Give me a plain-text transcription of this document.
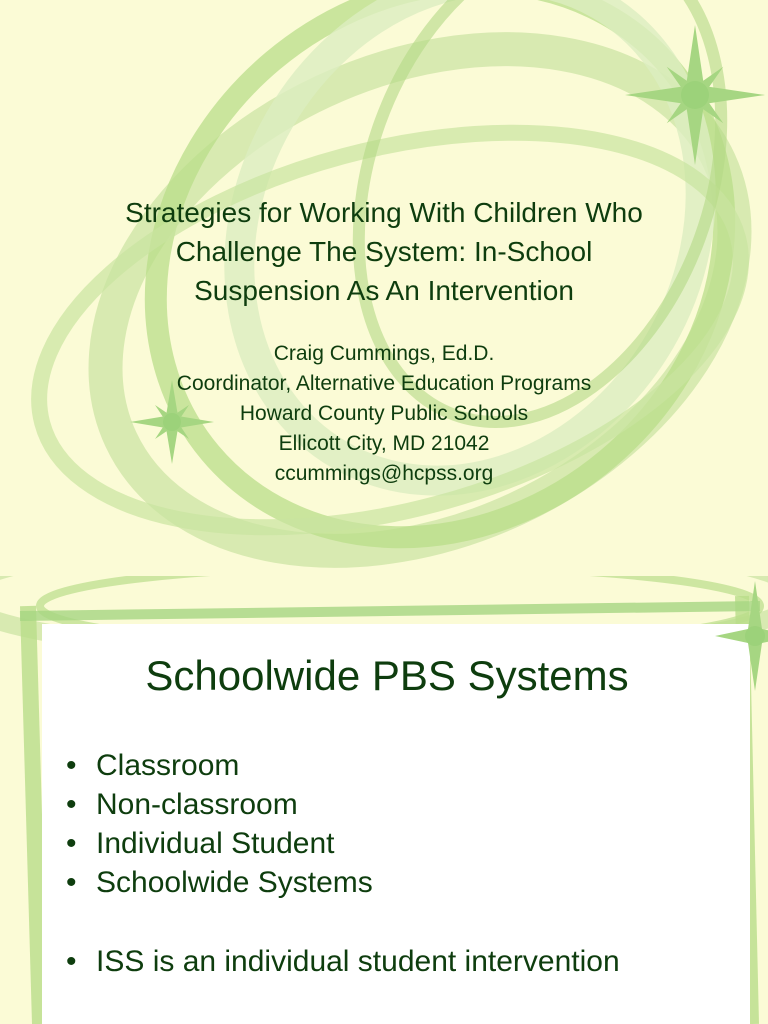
Strategies for Working With Children Who
Challenge The System: In-School
Suspension As An Intervention
Craig Cummings, Ed.D.
Coordinator, Alternative Education Programs
Howard County Public Schools
Ellicott City, MD 21042
ccummings@hcpss.org
Schoolwide PBS Systems
• Classroom
• Non-classroom
• Individual Student
• Schoolwide Systems
• ISS is an individual student intervention
